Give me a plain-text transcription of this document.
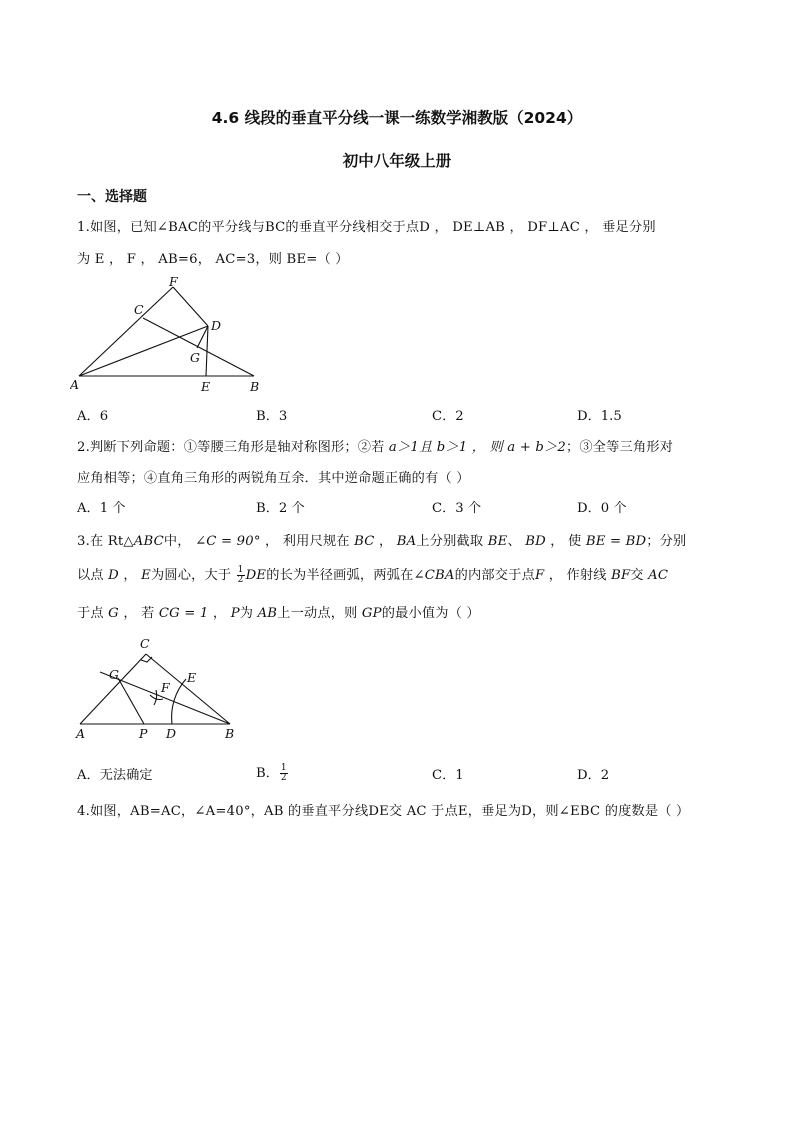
4.6 线段的垂直平分线一课一练数学湘教版（2024）
初中八年级上册
一、选择题
1.如图，已知∠BAC的平分线与BC的垂直平分线相交于点D ， DE⊥AB ， DF⊥AC ， 垂足分别
为 E ， F ， AB=6， AC=3，则 BE=（ ）
A	B
C
D
E
F
G
A．6	B．3	C．2	D．1.5
2.判断下列命题：①等腰三角形是轴对称图形；②若 a＞1且 b＞1 ， 则 a + b＞2；③全等三角形对
应角相等；④直角三角形的两锐角互余．其中逆命题正确的有（ ）
A．1 个	B．2 个	C．3 个	D．0 个
3.在 Rt△ABC中， ∠C = 90° ， 利用尺规在 BC ， BA上分别截取 BE、 BD ， 使 BE = BD；分别
以点 D ， E为圆心，大于 $\frac{1}{2}$ DE的长为半径画弧，两弧在∠CBA的内部交于点F ， 作射线 BF交 AC
于点 G ， 若 CG = 1 ， P为 AB上一动点，则 GP的最小值为（ ）
C
G
F
E
A	P D	B
A．无法确定	B． $\frac{1}{2}$	C．1	D．2
4.如图，AB=AC，∠A=40°，AB 的垂直平分线DE交 AC 于点E，垂足为D，则∠EBC 的度数是（ ）
